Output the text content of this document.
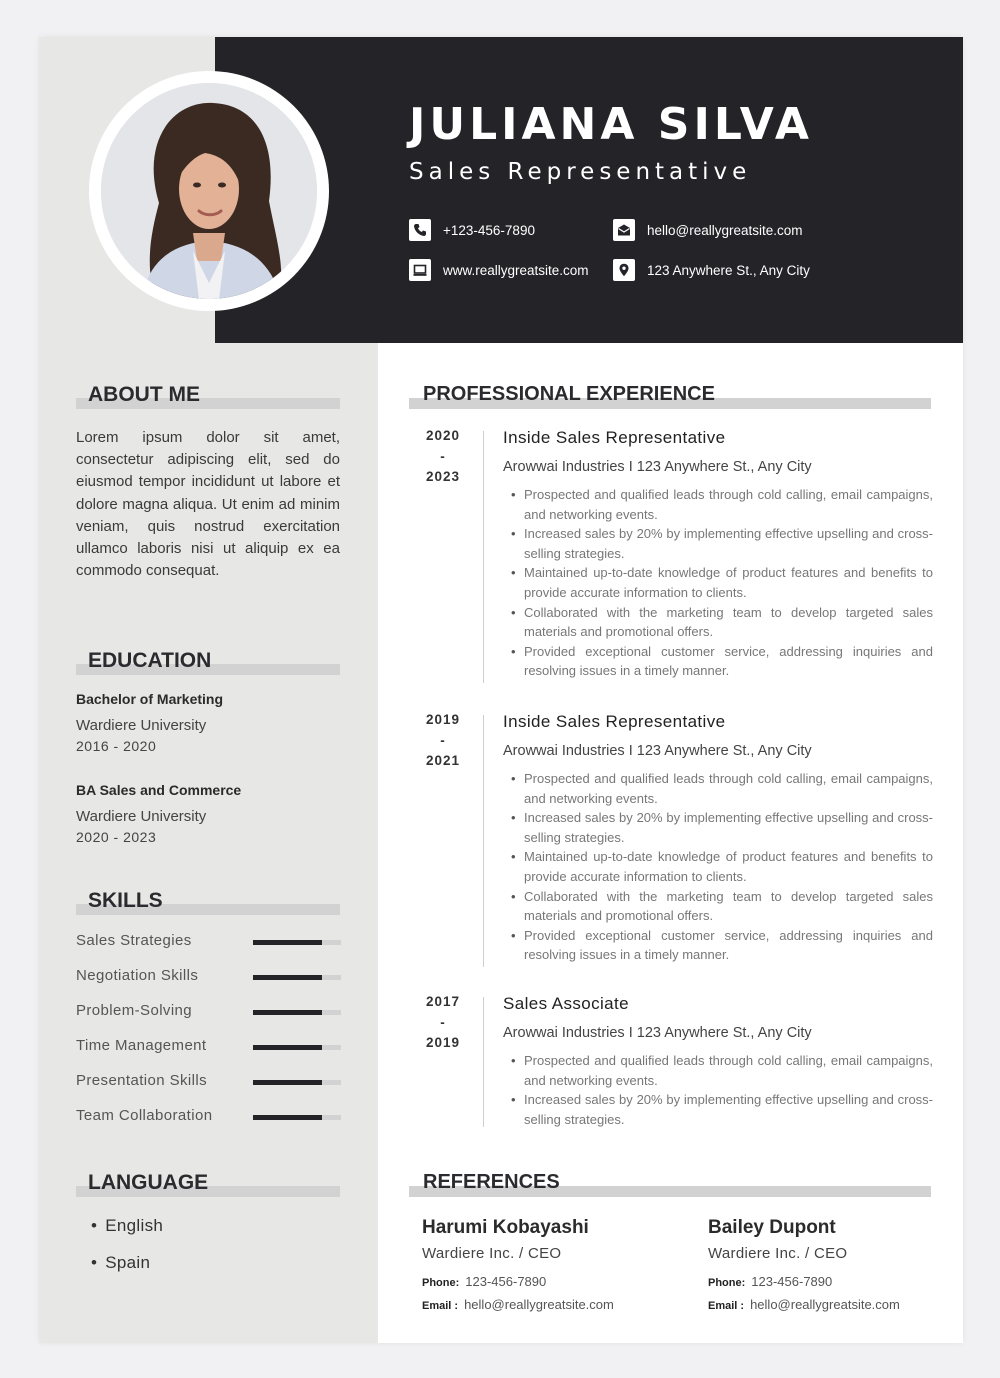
JULIANA SILVA
Sales Representative
+123-456-7890	hello@reallygreatsite.com
www.reallygreatsite.com	123 Anywhere St., Any City
ABOUT ME
Lorem ipsum dolor sit amet, consectetur adipiscing elit, sed do eiusmod tempor incididunt ut labore et dolore magna aliqua. Ut enim ad minim veniam, quis nostrud exercitation ullamco laboris nisi ut aliquip ex ea commodo consequat.
EDUCATION
Bachelor of Marketing
Wardiere University
2016 - 2020
BA Sales and Commerce
Wardiere University
2020 - 2023
SKILLS
Sales Strategies
Negotiation Skills
Problem-Solving
Time Management
Presentation Skills
Team Collaboration
LANGUAGE
• English
• Spain
PROFESSIONAL EXPERIENCE
2020
-
2023
Inside Sales Representative
Arowwai Industries I 123 Anywhere St., Any City
• Prospected and qualified leads through cold calling, email campaigns, and networking events.
• Increased sales by 20% by implementing effective upselling and cross-selling strategies.
• Maintained up-to-date knowledge of product features and benefits to provide accurate information to clients.
• Collaborated with the marketing team to develop targeted sales materials and promotional offers.
• Provided exceptional customer service, addressing inquiries and resolving issues in a timely manner.
2019
-
2021
Inside Sales Representative
Arowwai Industries I 123 Anywhere St., Any City
• Prospected and qualified leads through cold calling, email campaigns, and networking events.
• Increased sales by 20% by implementing effective upselling and cross-selling strategies.
• Maintained up-to-date knowledge of product features and benefits to provide accurate information to clients.
• Collaborated with the marketing team to develop targeted sales materials and promotional offers.
• Provided exceptional customer service, addressing inquiries and resolving issues in a timely manner.
2017
-
2019
Sales Associate
Arowwai Industries I 123 Anywhere St., Any City
• Prospected and qualified leads through cold calling, email campaigns, and networking events.
• Increased sales by 20% by implementing effective upselling and cross-selling strategies.
REFERENCES
Harumi Kobayashi
Wardiere Inc. / CEO
Phone: 123-456-7890
Email : hello@reallygreatsite.com
Bailey Dupont
Wardiere Inc. / CEO
Phone: 123-456-7890
Email : hello@reallygreatsite.com
